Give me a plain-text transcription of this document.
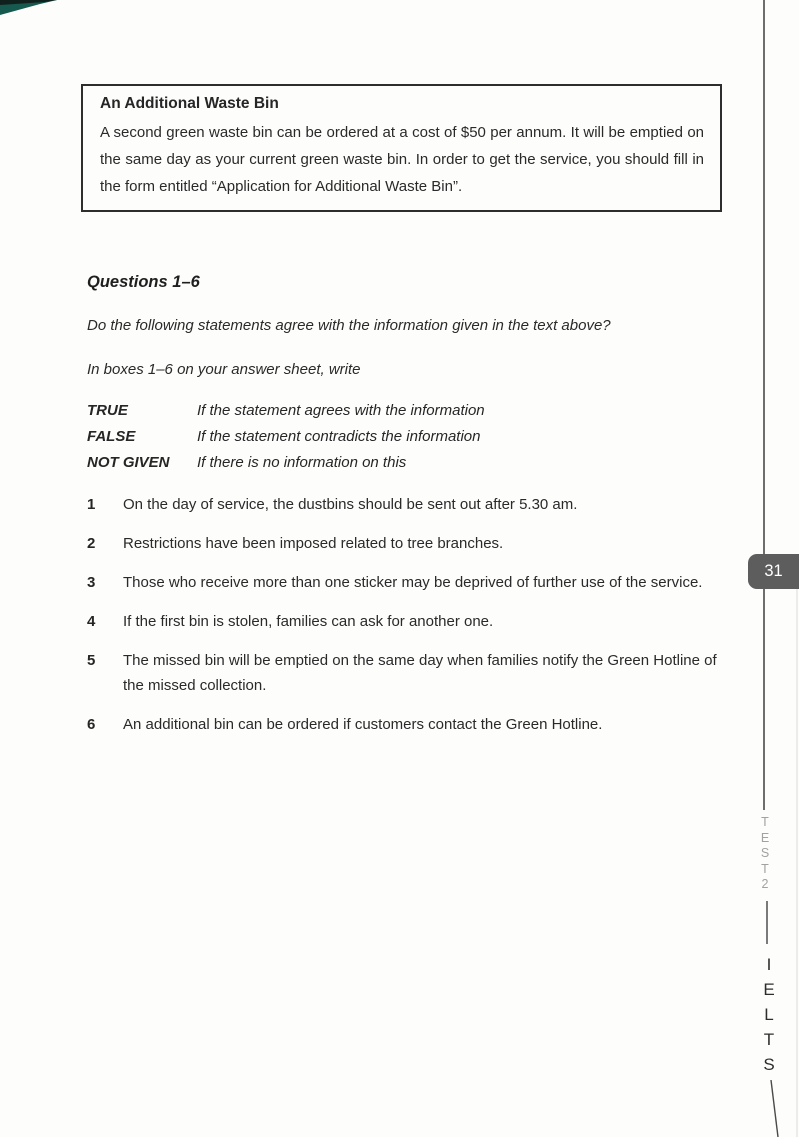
An Additional Waste Bin

A second green waste bin can be ordered at a cost of $50 per annum. It will be emptied on the same day as your current green waste bin. In order to get the service, you should fill in the form entitled “Application for Additional Waste Bin”.

Questions 1–6

Do the following statements agree with the information given in the text above?

In boxes 1–6 on your answer sheet, write

TRUE	If the statement agrees with the information
FALSE	If the statement contradicts the information
NOT GIVEN	If there is no information on this
1	On the day of service, the dustbins should be sent out after 5.30 am.
2	Restrictions have been imposed related to tree branches.
3	Those who receive more than one sticker may be deprived of further use of the service.
4	If the first bin is stolen, families can ask for another one.
5	The missed bin will be emptied on the same day when families notify the Green Hotline of the missed collection.
6	An additional bin can be ordered if customers contact the Green Hotline.
31
T
E
S
T
2
I
E
L
T
S
